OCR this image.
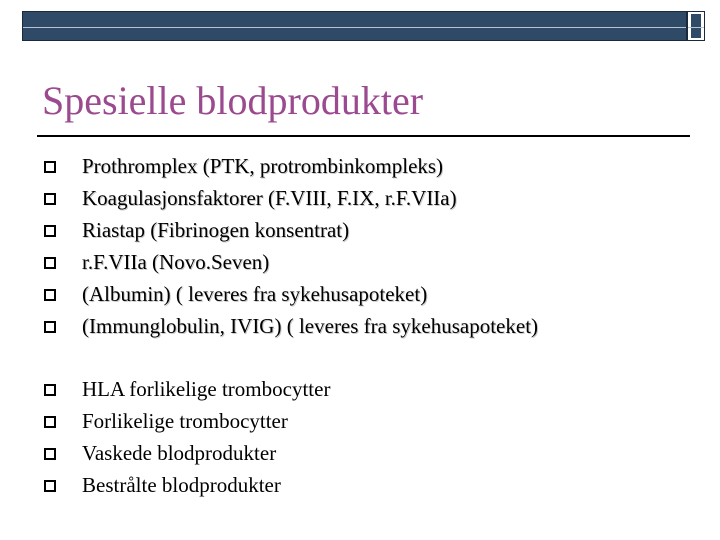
Spesielle blodprodukter
Prothromplex (PTK, protrombinkompleks)
Koagulasjonsfaktorer (F.VIII, F.IX, r.F.VIIa)
Riastap (Fibrinogen konsentrat)
r.F.VIIa (Novo.Seven)
(Albumin) ( leveres fra sykehusapoteket)
(Immunglobulin, IVIG) ( leveres fra sykehusapoteket)
HLA forlikelige trombocytter
Forlikelige trombocytter
Vaskede blodprodukter
Bestrålte blodprodukter
